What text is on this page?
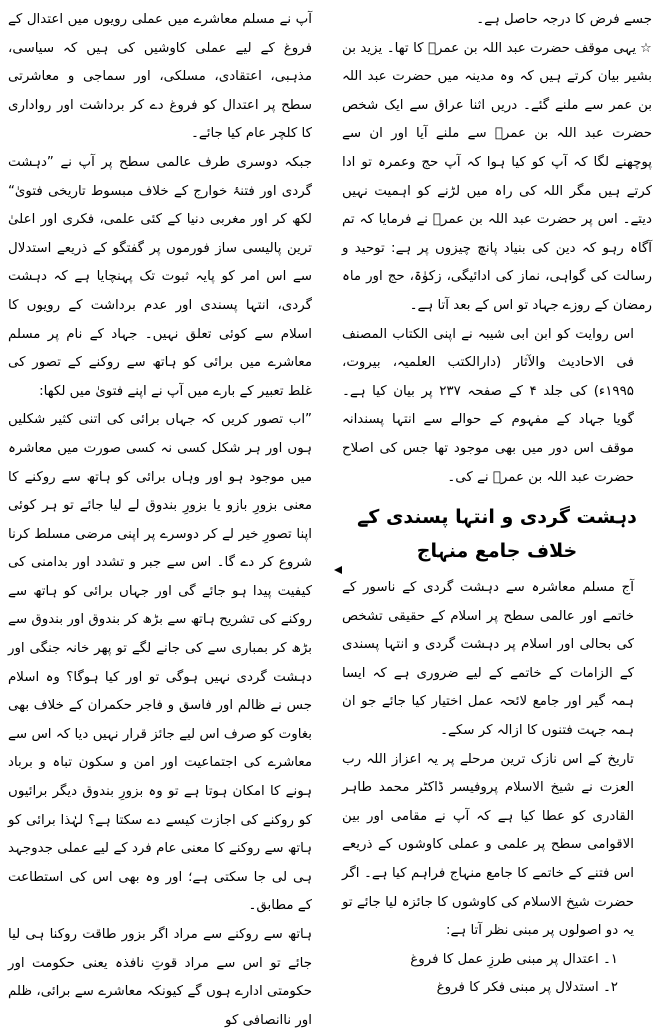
جسے فرض کا درجہ حاصل ہے۔

☆یہی موقف حضرت عبد اللہ بن عمرؓ کا تھا۔ یزید بن بشیر بیان کرتے ہیں کہ وہ مدینہ میں حضرت عبد اللہ بن عمر سے ملنے گئے۔ دریں اثنا عراق سے ایک شخص حضرت عبد اللہ بن عمرؓ سے ملنے آیا اور ان سے پوچھنے لگا کہ آپ کو کیا ہوا کہ آپ حج وعمرہ تو ادا کرتے ہیں مگر اللہ کی راہ میں لڑنے کو اہمیت نہیں دیتے۔ اس پر حضرت عبد اللہ بن عمرؓ نے فرمایا کہ تم آگاہ رہو کہ دین کی بنیاد پانچ چیزوں پر ہے: توحید و رسالت کی گواہی، نماز کی ادائیگی، زکوٰۃ، حج اور ماہ رمضان کے روزے جہاد تو اس کے بعد آتا ہے۔

اس روایت کو ابن ابی شیبہ نے اپنی الکتاب المصنف فی الاحادیث والآثار (دارالکتب العلمیہ، بیروت، ۱۹۹۵ء) کی جلد ۴ کے صفحہ ۲۳۷ پر بیان کیا ہے۔ گویا جہاد کے مفہوم کے حوالے سے انتہا پسندانہ موقف اس دور میں بھی موجود تھا جس کی اصلاح حضرت عبد اللہ بن عمرؓ نے کی۔

دہشت گردی و انتہا پسندی کے خلاف جامع منہاج

آج مسلم معاشرہ سے دہشت گردی کے ناسور کے خاتمے اور عالمی سطح پر اسلام کے حقیقی تشخص کی بحالی اور اسلام پر دہشت گردی و انتہا پسندی کے الزامات کے خاتمے کے لیے ضروری ہے کہ ایسا ہمہ گیر اور جامع لائحہ عمل اختیار کیا جائے جو ان ہمہ جہت فتنوں کا ازالہ کر سکے۔

تاریخ کے اس نازک ترین مرحلے پر یہ اعزاز اللہ رب العزت نے شیخ الاسلام پروفیسر ڈاکٹر محمد طاہر القادری کو عطا کیا ہے کہ آپ نے مقامی اور بین الاقوامی سطح پر علمی و عملی کاوشوں کے ذریعے اس فتنے کے خاتمے کا جامع منہاج فراہم کیا ہے۔ اگر حضرت شیخ الاسلام کی کاوشوں کا جائزہ لیا جائے تو یہ دو اصولوں پر مبنی نظر آتا ہے:

۱۔ اعتدال پر مبنی طرزِ عمل کا فروغ

۲۔ استدلال پر مبنی فکر کا فروغ

آپ نے مسلم معاشرے میں عملی رویوں میں اعتدال کے فروغ کے لیے عملی کاوشیں کی ہیں کہ سیاسی، مذہبی، اعتقادی، مسلکی، اور سماجی و معاشرتی سطح پر اعتدال کو فروغ دے کر برداشت اور رواداری کا کلچر عام کیا جائے۔

جبکہ دوسری طرف عالمی سطح پر آپ نے ”دہشت گردی اور فتنۂ خوارج کے خلاف مبسوط تاریخی فتویٰ“ لکھ کر اور مغربی دنیا کے کئی علمی، فکری اور اعلیٰ ترین پالیسی ساز فورموں پر گفتگو کے ذریعے استدلال سے اس امر کو پایہ ثبوت تک پہنچایا ہے کہ دہشت گردی، انتہا پسندی اور عدم برداشت کے رویوں کا اسلام سے کوئی تعلق نہیں۔ جہاد کے نام پر مسلم معاشرے میں برائی کو ہاتھ سے روکنے کے تصور کی غلط تعبیر کے بارے میں آپ نے اپنے فتویٰ میں لکھا:

”اب تصور کریں کہ جہاں برائی کی اتنی کثیر شکلیں ہوں اور ہر شکل کسی نہ کسی صورت میں معاشرہ میں موجود ہو اور وہاں برائی کو ہاتھ سے روکنے کا معنی بزورِ بازو یا بزورِ بندوق لے لیا جائے تو ہر کوئی اپنا تصورِ خیر لے کر دوسرے پر اپنی مرضی مسلط کرنا شروع کر دے گا۔ اس سے جبر و تشدد اور بدامنی کی کیفیت پیدا ہو جائے گی اور جہاں برائی کو ہاتھ سے روکنے کی تشریح ہاتھ سے بڑھ کر بندوق اور بندوق سے بڑھ کر بمباری سے کی جانے لگے تو پھر خانہ جنگی اور دہشت گردی نہیں ہوگی تو اور کیا ہوگا؟ وہ اسلام جس نے ظالم اور فاسق و فاجر حکمران کے خلاف بھی بغاوت کو صرف اس لیے جائز قرار نہیں دیا کہ اس سے معاشرے کی اجتماعیت اور امن و سکون تباہ و برباد ہونے کا امکان ہوتا ہے تو وہ بزورِ بندوق دیگر برائیوں کو روکنے کی اجازت کیسے دے سکتا ہے؟ لہٰذا برائی کو ہاتھ سے روکنے کا معنی عام فرد کے لیے عملی جدوجہد ہی لی جا سکتی ہے؛ اور وہ بھی اس کی استطاعت کے مطابق۔

ہاتھ سے روکنے سے مراد اگر بزور طاقت روکنا ہی لیا جائے تو اس سے مراد قوتِ نافذہ یعنی حکومت اور حکومتی ادارے ہوں گے کیونکہ معاشرے سے برائی، ظلم اور ناانصافی کو
